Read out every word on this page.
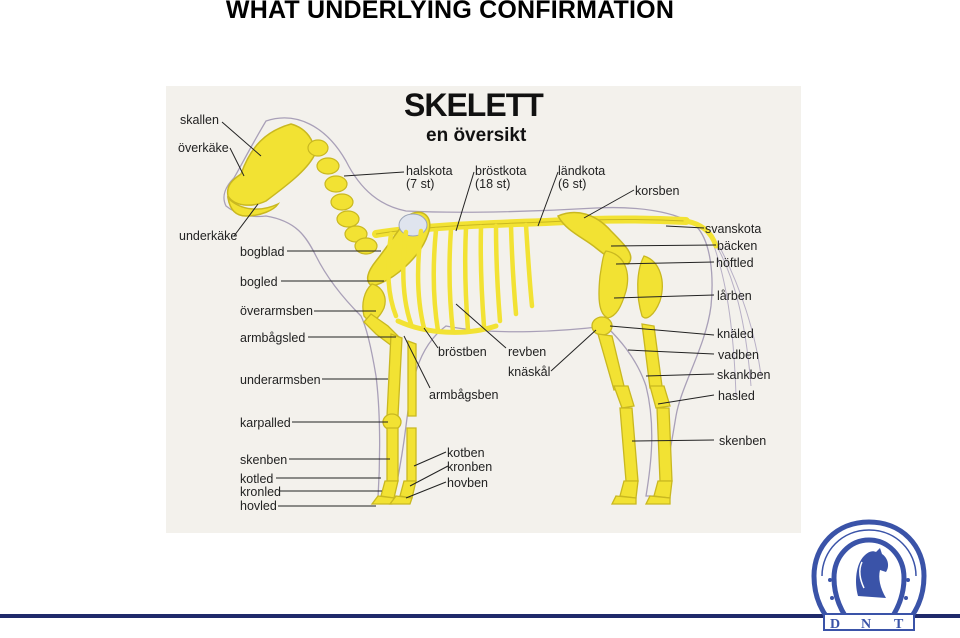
WHAT UNDERLYING CONFIRMATION
SKELETT
en översikt
skallen
överkäke
underkäke
bogblad
bogled
överarmsben
armbågsled
underarmsben
karpalled
skenben
kotled
kronled
hovled
halskota
(7 st)
bröstkota
(18 st)
ländkota
(6 st)	korsben
svanskota
bäcken
höftled
lårben
knäled
vadben
skankben
hasled
skenben
bröstben revben
knäskål
armbågsben
kotben
kronben
hovben
D N T
